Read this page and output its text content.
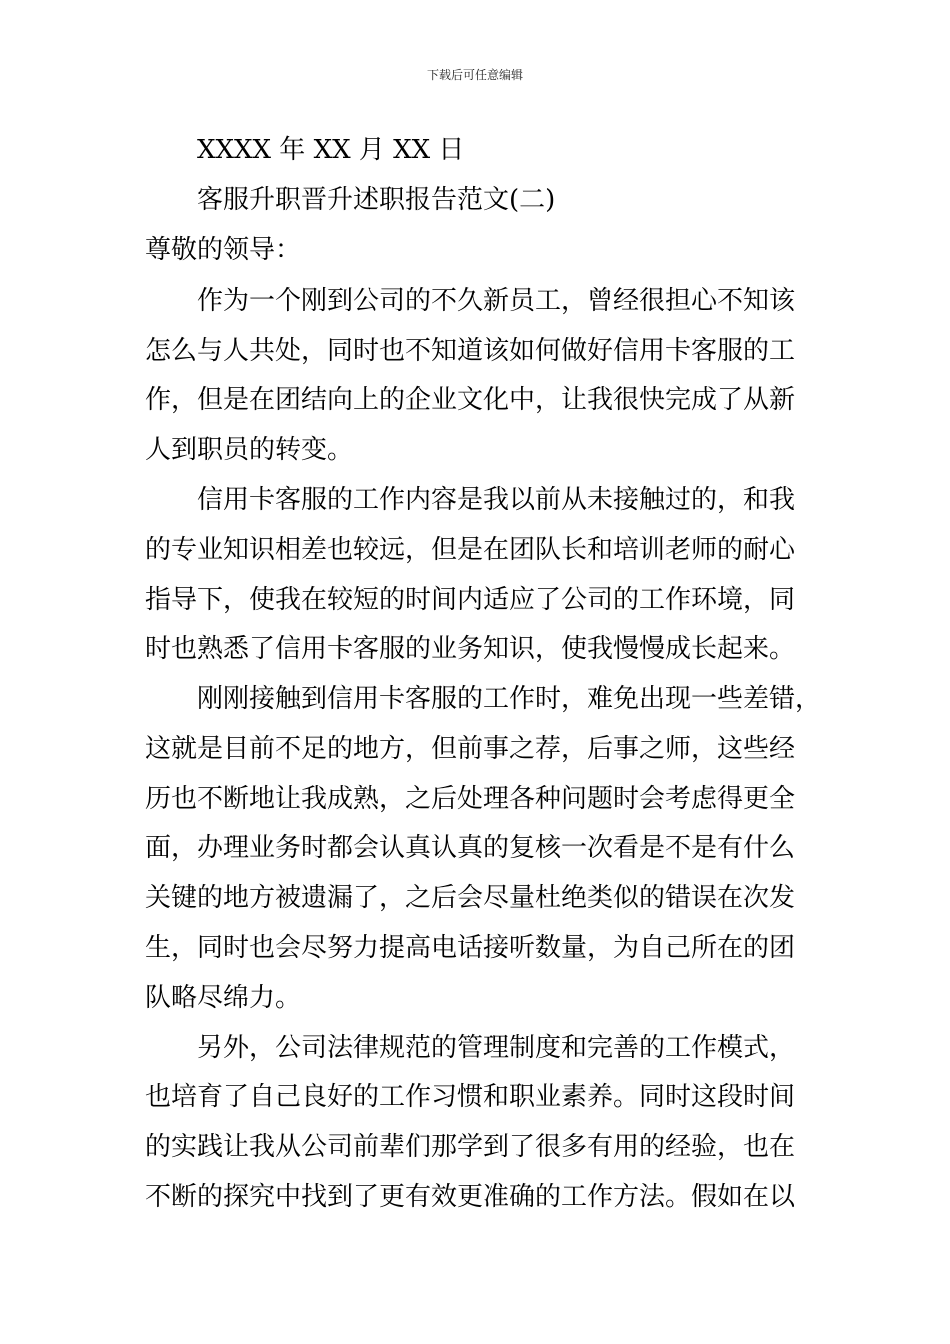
下载后可任意编辑
XXXX 年 XX 月 XX 日
客服升职晋升述职报告范文(二)
尊敬的领导：
作为一个刚到公司的不久新员工，曾经很担心不知该
怎么与人共处，同时也不知道该如何做好信用卡客服的工
作，但是在团结向上的企业文化中，让我很快完成了从新
人到职员的转变。
信用卡客服的工作内容是我以前从未接触过的，和我
的专业知识相差也较远，但是在团队长和培训老师的耐心
指导下，使我在较短的时间内适应了公司的工作环境，同
时也熟悉了信用卡客服的业务知识，使我慢慢成长起来。
刚刚接触到信用卡客服的工作时，难免出现一些差错，
这就是目前不足的地方，但前事之荐，后事之师，这些经
历也不断地让我成熟，之后处理各种问题时会考虑得更全
面，办理业务时都会认真认真的复核一次看是不是有什么
关键的地方被遗漏了，之后会尽量杜绝类似的错误在次发
生，同时也会尽努力提高电话接听数量，为自己所在的团
队略尽绵力。
另外，公司法律规范的管理制度和完善的工作模式，
也培育了自己良好的工作习惯和职业素养。同时这段时间
的实践让我从公司前辈们那学到了很多有用的经验，也在
不断的探究中找到了更有效更准确的工作方法。假如在以
